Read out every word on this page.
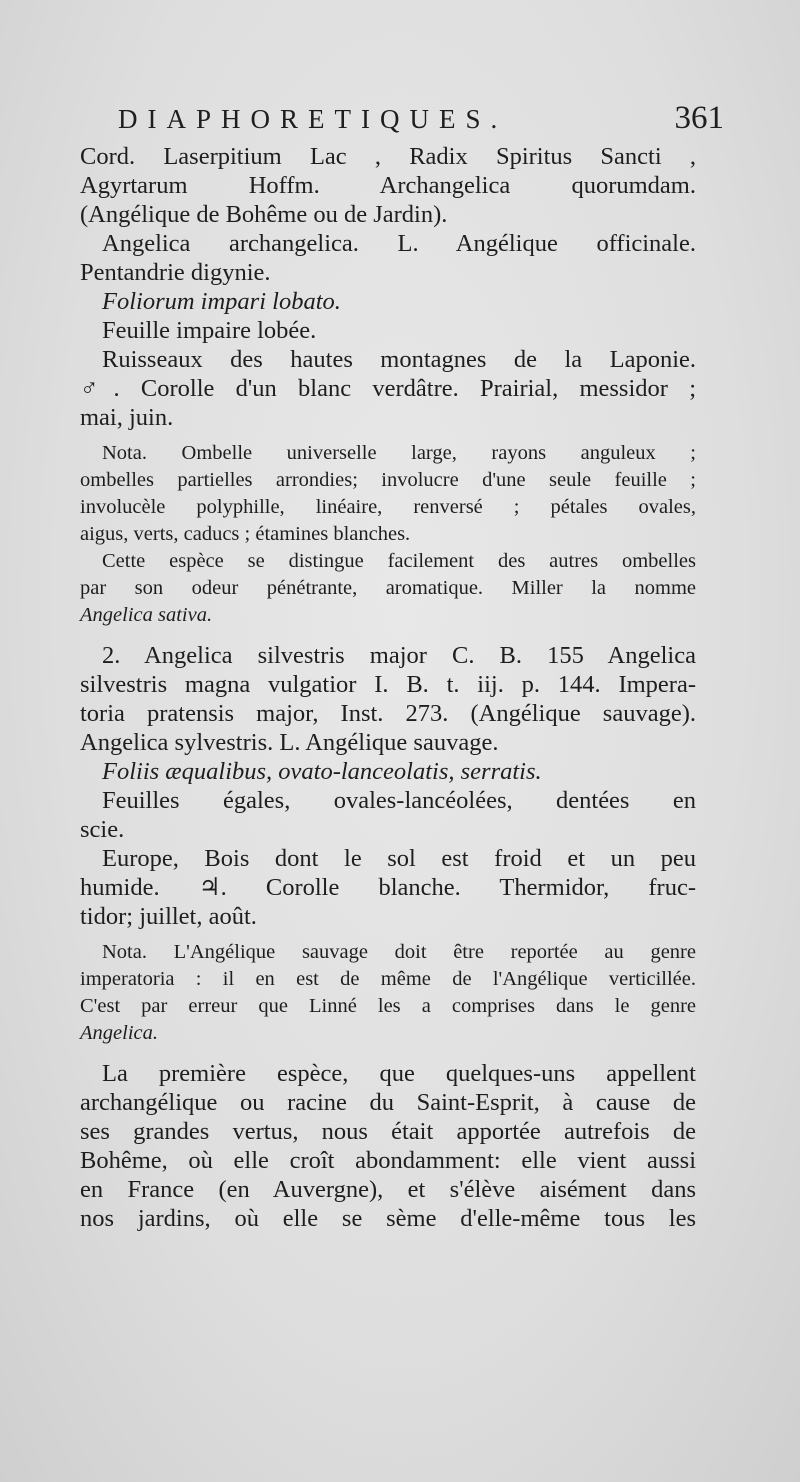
DIAPHORETIQUES.	361
Cord. Laserpitium Lac , Radix Spiritus Sancti ,
Agyrtarum Hoffm. Archangelica quorumdam.
(Angélique de Bohême ou de Jardin).
Angelica archangelica. L. Angélique officinale.
Pentandrie digynie.
Foliorum impari lobato.
Feuille impaire lobée.
Ruisseaux des hautes montagnes de la Laponie.
♂. Corolle d'un blanc verdâtre. Prairial, messidor ;
mai, juin.
Nota. Ombelle universelle large, rayons anguleux ;
ombelles partielles arrondies; involucre d'une seule feuille ;
involucèle polyphille, linéaire, renversé ; pétales ovales,
aigus, verts, caducs ; étamines blanches.
Cette espèce se distingue facilement des autres ombelles
par son odeur pénétrante, aromatique. Miller la nomme
Angelica sativa.
2. Angelica silvestris major C. B. 155 Angelica
silvestris magna vulgatior I. B. t. iij. p. 144. Impera-
toria pratensis major, Inst. 273. (Angélique sauvage).
Angelica sylvestris. L. Angélique sauvage.
Foliis æqualibus, ovato-lanceolatis, serratis.
Feuilles égales, ovales-lancéolées, dentées en
scie.
Europe, Bois dont le sol est froid et un peu
humide. ♃. Corolle blanche. Thermidor, fruc-
tidor; juillet, août.
Nota. L'Angélique sauvage doit être reportée au genre
imperatoria : il en est de même de l'Angélique verticillée.
C'est par erreur que Linné les a comprises dans le genre
Angelica.
La première espèce, que quelques-uns appellent
archangélique ou racine du Saint-Esprit, à cause de
ses grandes vertus, nous était apportée autrefois de
Bohême, où elle croît abondamment: elle vient aussi
en France (en Auvergne), et s'élève aisément dans
nos jardins, où elle se sème d'elle-même tous les
